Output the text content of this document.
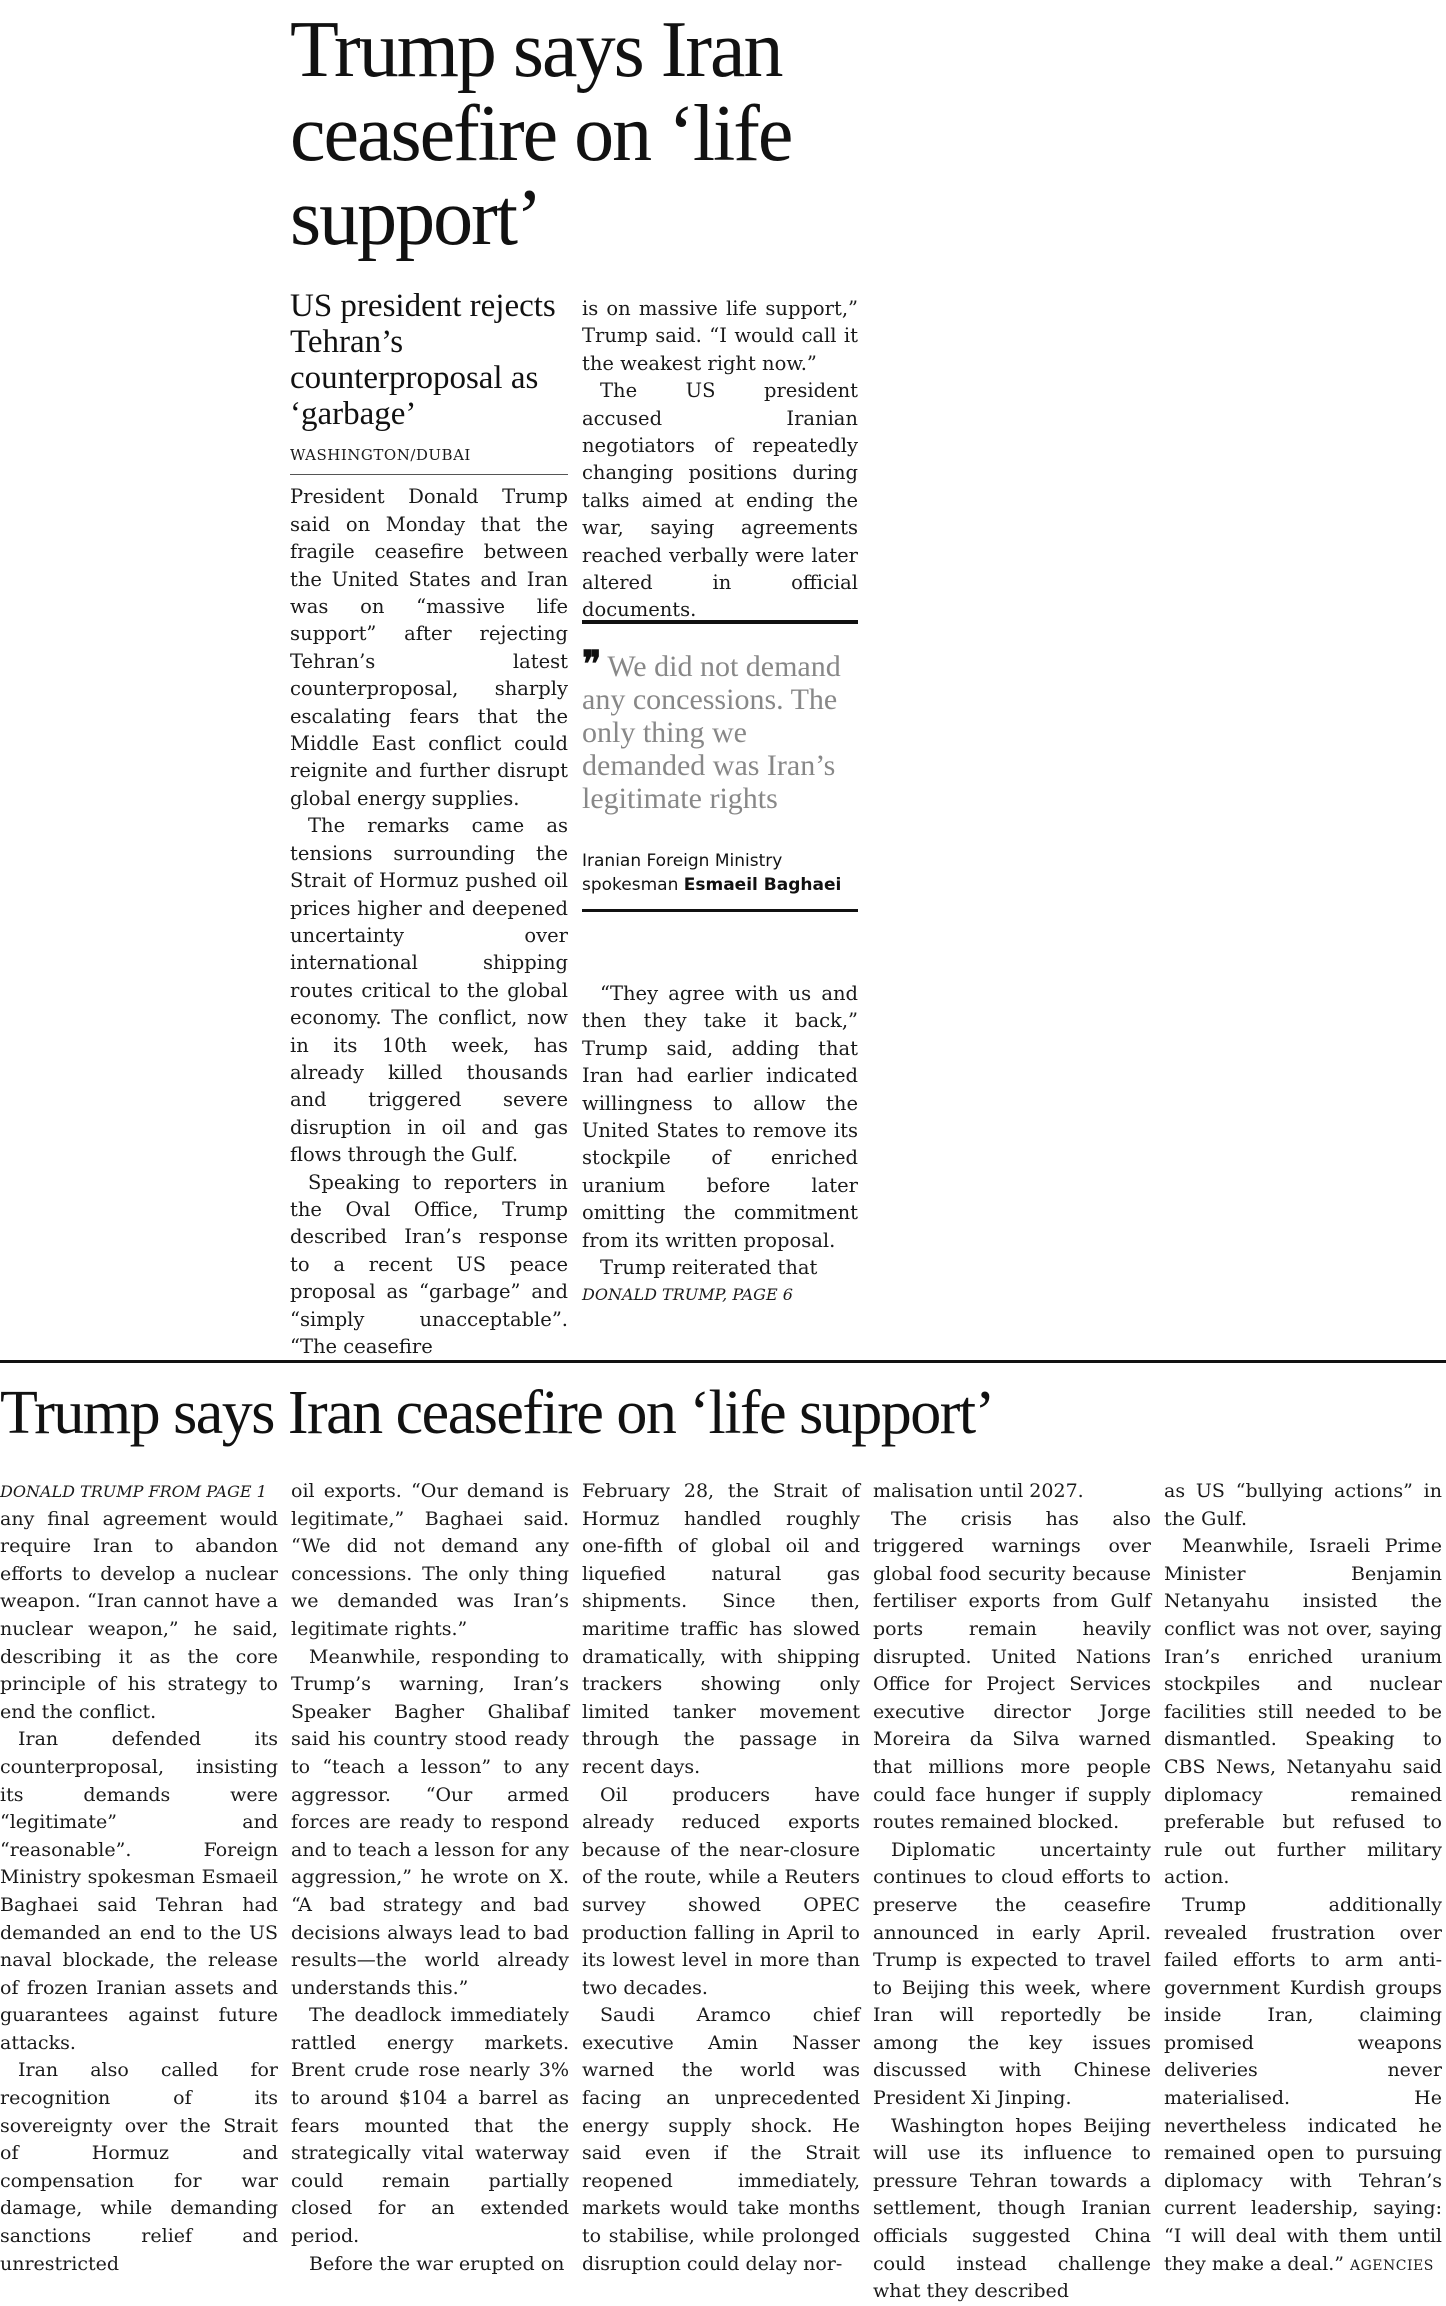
Trump says Iran ceasefire on ‘life support’
US president rejects Tehran’s counterproposal as ‘garbage’
WASHINGTON/DUBAI

President Donald Trump said on Monday that the fragile ceasefire between the United States and Iran was on “massive life support” after rejecting Tehran’s latest counterproposal, sharply escalating fears that the Middle East conflict could reignite and further disrupt global energy supplies.

The remarks came as tensions surrounding the Strait of Hormuz pushed oil prices higher and deepened uncertainty over international shipping routes critical to the global economy. The conflict, now in its 10th week, has already killed thousands and triggered severe disruption in oil and gas flows through the Gulf.

Speaking to reporters in the Oval Office, Trump described Iran’s response to a recent US peace proposal as “garbage” and “simply unacceptable”. “The ceasefire

is on massive life support,” Trump said. “I would call it the weakest right now.”

The US president accused Iranian negotiators of repeatedly changing positions during talks aimed at ending the war, saying agreements reached verbally were later altered in official documents.

❞ We did not demand any concessions. The only thing we demanded was Iran’s legitimate rights

Iranian Foreign Ministry
spokesman Esmaeil Baghaei

“They agree with us and then they take it back,” Trump said, adding that Iran had earlier indicated willingness to allow the United States to remove its stockpile of enriched uranium before later omitting the commitment from its written proposal.

Trump reiterated that

DONALD TRUMP, PAGE 6
Trump says Iran ceasefire on ‘life support’
DONALD TRUMP FROM PAGE 1

any final agreement would require Iran to abandon efforts to develop a nuclear weapon. “Iran cannot have a nuclear weapon,” he said, describing it as the core principle of his strategy to end the conflict.

Iran defended its counterproposal, insisting its demands were “legitimate” and “reasonable”. Foreign Ministry spokesman Esmaeil Baghaei said Tehran had demanded an end to the US naval blockade, the release of frozen Iranian assets and guarantees against future attacks.

Iran also called for recognition of its sovereignty over the Strait of Hormuz and compensation for war damage, while demanding sanctions relief and unrestricted

oil exports. “Our demand is legitimate,” Baghaei said. “We did not demand any concessions. The only thing we demanded was Iran’s legitimate rights.”

Meanwhile, responding to Trump’s warning, Iran’s Speaker Bagher Ghalibaf said his country stood ready to “teach a lesson” to any aggressor. “Our armed forces are ready to respond and to teach a lesson for any aggression,” he wrote on X. “A bad strategy and bad decisions always lead to bad results—the world already understands this.”

The deadlock immediately rattled energy markets. Brent crude rose nearly 3% to around $104 a barrel as fears mounted that the strategically vital waterway could remain partially closed for an extended period.

Before the war erupted on

February 28, the Strait of Hormuz handled roughly one-fifth of global oil and liquefied natural gas shipments. Since then, maritime traffic has slowed dramatically, with shipping trackers showing only limited tanker movement through the passage in recent days.

Oil producers have already reduced exports because of the near-closure of the route, while a Reuters survey showed OPEC production falling in April to its lowest level in more than two decades.

Saudi Aramco chief executive Amin Nasser warned the world was facing an unprecedented energy supply shock. He said even if the Strait reopened immediately, markets would take months to stabilise, while prolonged disruption could delay nor-

malisation until 2027.

The crisis has also triggered warnings over global food security because fertiliser exports from Gulf ports remain heavily disrupted. United Nations Office for Project Services executive director Jorge Moreira da Silva warned that millions more people could face hunger if supply routes remained blocked.

Diplomatic uncertainty continues to cloud efforts to preserve the ceasefire announced in early April. Trump is expected to travel to Beijing this week, where Iran will reportedly be among the key issues discussed with Chinese President Xi Jinping.

Washington hopes Beijing will use its influence to pressure Tehran towards a settlement, though Iranian officials suggested China could instead challenge what they described

as US “bullying actions” in the Gulf.

Meanwhile, Israeli Prime Minister Benjamin Netanyahu insisted the conflict was not over, saying Iran’s enriched uranium stockpiles and nuclear facilities still needed to be dismantled. Speaking to CBS News, Netanyahu said diplomacy remained preferable but refused to rule out further military action.

Trump additionally revealed frustration over failed efforts to arm anti-government Kurdish groups inside Iran, claiming promised weapons deliveries never materialised. He nevertheless indicated he remained open to pursuing diplomacy with Tehran’s current leadership, saying: “I will deal with them until they make a deal.” AGENCIES
